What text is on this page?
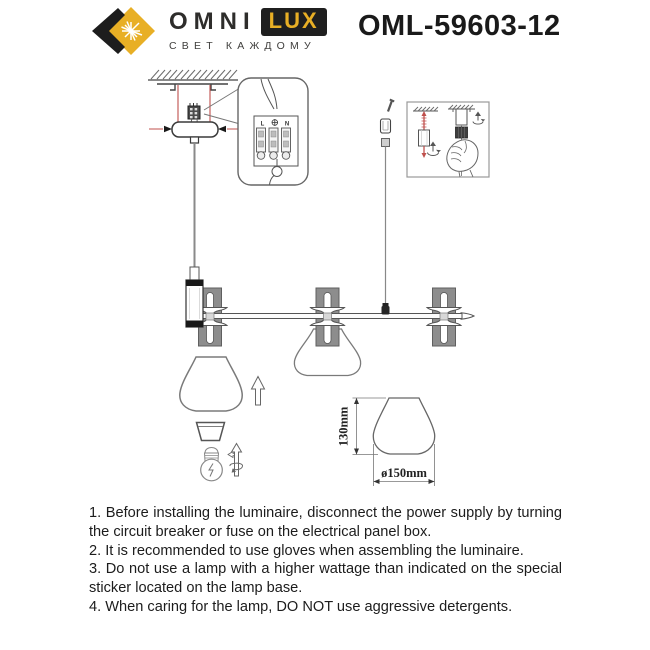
OMNI LUX
СВЕТ КАЖДОМУ
OML-59603-12
L	N
130mm
ø150mm

1. Before installing the luminaire, disconnect the power supply by turning the circuit breaker or fuse on the electrical panel box.

2. It is recommended to use gloves when assembling the luminaire.

3. Do not use a lamp with a higher wattage than indicated on the special sticker located on the lamp base.

4. When caring for the lamp, DO NOT use aggressive detergents.
